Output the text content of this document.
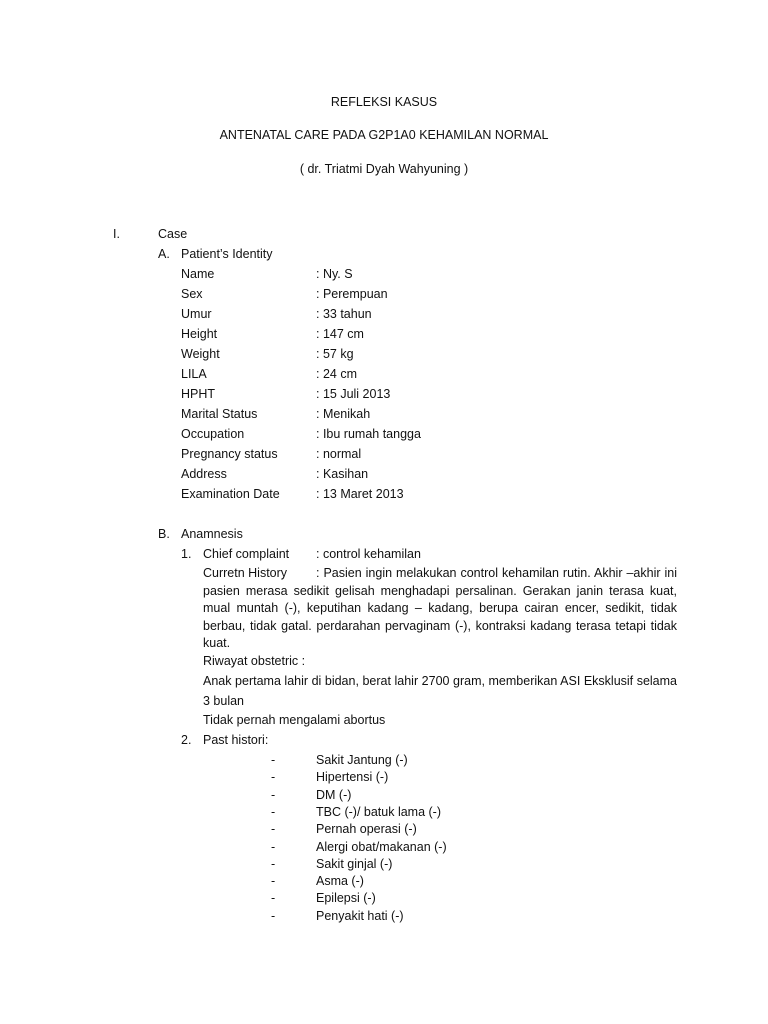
REFLEKSI KASUS
ANTENATAL CARE PADA G2P1A0 KEHAMILAN NORMAL
( dr. Triatmi Dyah Wahyuning )
I.	Case
A. Patient’s Identity
Name	: Ny. S
Sex	: Perempuan
Umur	: 33 tahun
Height	: 147 cm
Weight	: 57 kg
LILA	: 24 cm
HPHT	: 15 Juli 2013
Marital Status	: Menikah
Occupation	: Ibu rumah tangga
Pregnancy status	: normal
Address	: Kasihan
Examination Date	: 13 Maret 2013
B. Anamnesis
1. Chief complaint : control kehamilan
Curretn History : Pasien ingin melakukan control kehamilan rutin. Akhir –akhir ini pasien merasa sedikit gelisah menghadapi persalinan. Gerakan janin terasa kuat, mual muntah (-), keputihan kadang – kadang, berupa cairan encer, sedikit, tidak berbau, tidak gatal. perdarahan pervaginam (-), kontraksi kadang terasa tetapi tidak kuat.
Riwayat obstetric :
Anak pertama lahir di bidan, berat lahir 2700 gram, memberikan ASI Eksklusif selama 3 bulan
Tidak pernah mengalami abortus
2. Past histori:
-	Sakit Jantung (-)
-	Hipertensi (-)
-	DM (-)
-	TBC (-)/ batuk lama (-)
-	Pernah operasi (-)
-	Alergi obat/makanan (-)
-	Sakit ginjal (-)
-	Asma (-)
-	Epilepsi (-)
-	Penyakit hati (-)
